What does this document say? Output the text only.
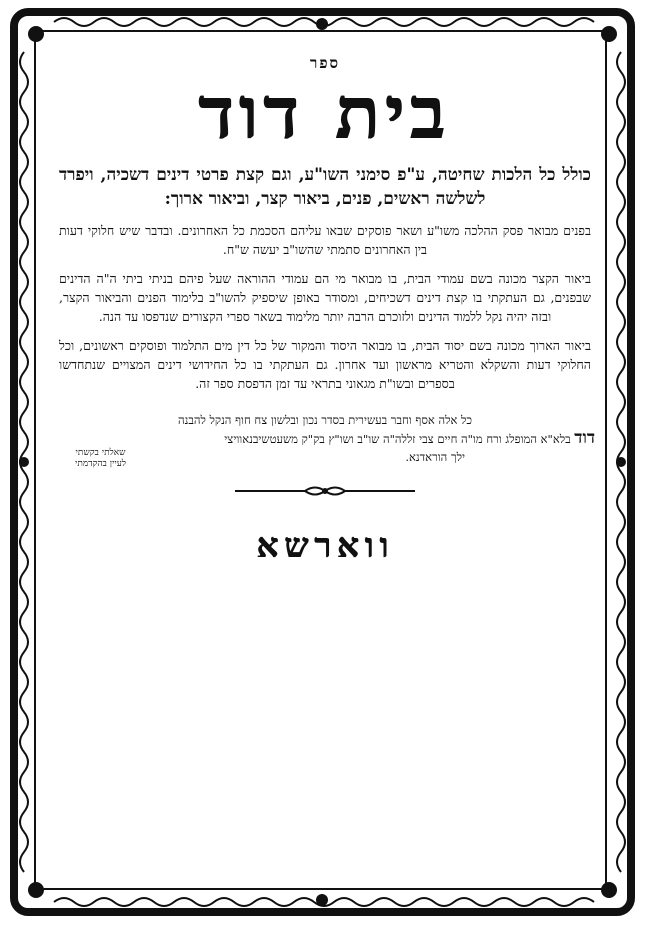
ספר
בית דוד
כולל כל הלכות שחיטה, ע"פ סימני השו"ע, וגם קצת פרטי דינים דשכיה, ויפרד לשלשה ראשים, פנים, ביאור קצר, וביאור ארוך:
בפנים מבואר פסק ההלכה משו"ע ושאר פוסקים שבאו עליהם הסכמת כל האחרונים. ובדבר שיש חלוקי דעות בין האחרונים סתמתי שהשו"ב יעשה ש"ח.
ביאור הקצר מכונה בשם עמודי הבית, בו מבואר מי הם עמודי ההוראה שעל פיהם בניתי ביתי ה"ה הדינים שבפנים, גם העתקתי בו קצת דינים דשכיחים, ומסודר באופן שיספיק להשו"ב בלימוד הפנים והביאור הקצר, ובזה יהיה נקל ללמוד הדינים ולזוכרם הרבה יותר מלימוד בשאר ספרי הקצורים שנדפסו עד הנה.
ביאור הארוך מכונה בשם יסוד הבית, בו מבואר היסוד והמקור של כל דין מים התלמוד ופוסקים ראשונים, וכל החלוקי דעות והשקלא והטריא מראשון ועד אחרון. גם העתקתי בו כל החידושי דינים המצויים שנתחדשו בספרים ובשו"ת מגאוני בתראי עד זמן הדפסת ספר זה.
כל אלה אסף וחבר בעשירית בסדר נכון ובלשון צח חוף הנקל להבנה
דוד בלא"א המופלג ורח מו"ה חיים צבי זללה"ה שו"ב ושו"ץ בק"ק משעטשיבנאוויצי
ילך הוראדנא.
שאלתי בקשתי
לעיין בהקדמתי
ווארשא
